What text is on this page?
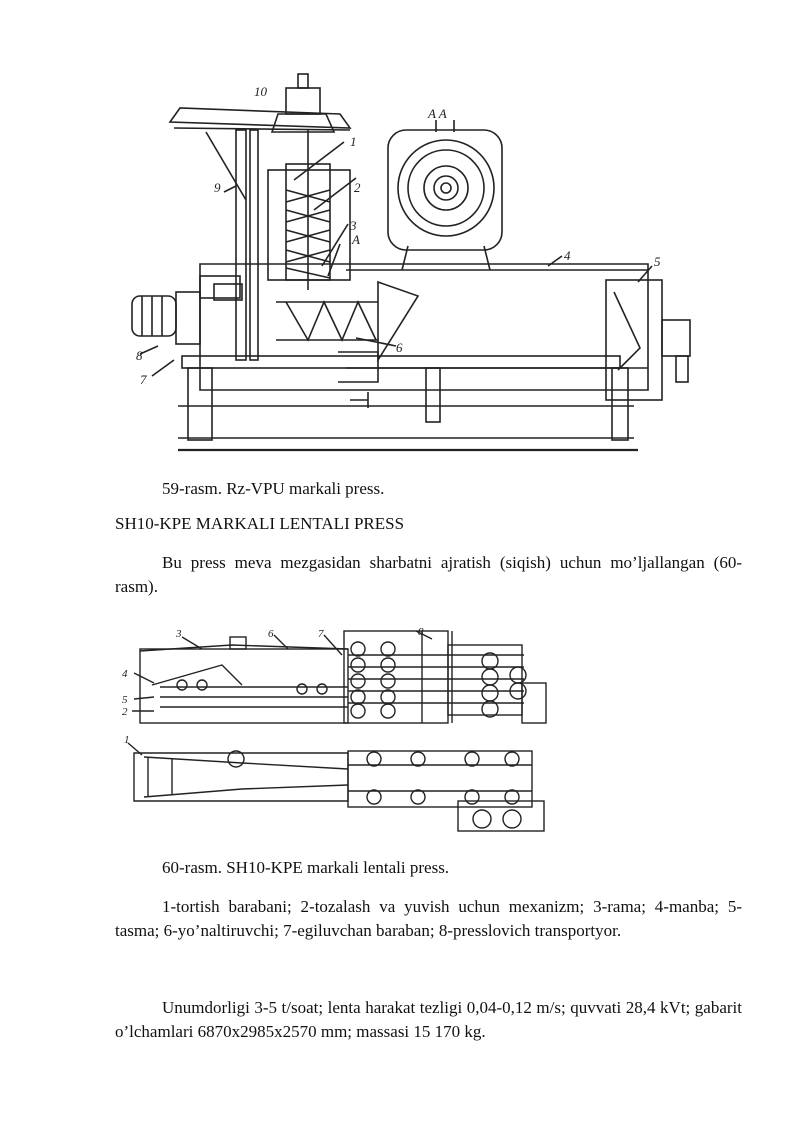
10
1
2
3
9
A
4	5
6
8
7
A A
59-rasm. Rz-VPU markali press.
SH10-KPE MARKALI LENTALI PRESS

Bu press meva mezgasidan sharbatni ajratish (siqish) uchun mo’ljallangan (60-rasm).

3	6	7	8
4
5
2
1
60-rasm. SH10-KPE markali lentali press.

1-tortish barabani; 2-tozalash va yuvish uchun mexanizm; 3-rama; 4-manba; 5-tasma; 6-yo’naltiruvchi; 7-egiluvchan baraban; 8-presslovich transportyor.

Unumdorligi 3-5 t/soat; lenta harakat tezligi 0,04-0,12 m/s; quvvati 28,4 kVt; gabarit o’lchamlari 6870x2985x2570 mm; massasi 15 170 kg.
